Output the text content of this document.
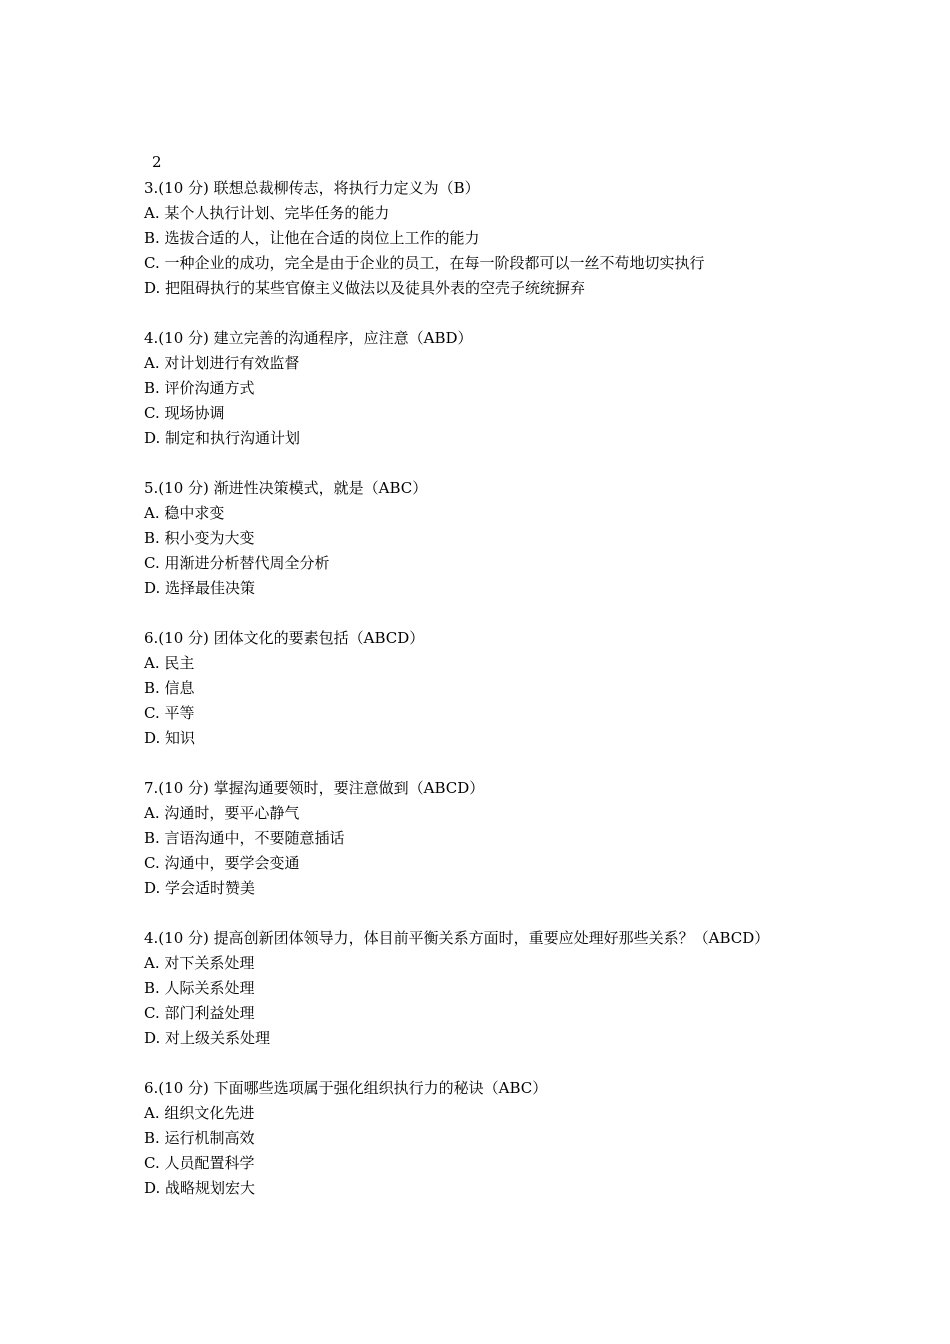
2
3.(10 分) 联想总裁柳传志，将执行力定义为（B）
A. 某个人执行计划、完毕任务的能力
B. 选拔合适的人，让他在合适的岗位上工作的能力
C. 一种企业的成功，完全是由于企业的员工，在每一阶段都可以一丝不苟地切实执行
D. 把阻碍执行的某些官僚主义做法以及徒具外表的空壳子统统摒弃
4.(10 分) 建立完善的沟通程序，应注意（ABD）
A. 对计划进行有效监督
B. 评价沟通方式
C. 现场协调
D. 制定和执行沟通计划
5.(10 分) 渐进性决策模式，就是（ABC）
A. 稳中求变
B. 积小变为大变
C. 用渐进分析替代周全分析
D. 选择最佳决策
6.(10 分) 团体文化的要素包括（ABCD）
A. 民主
B. 信息
C. 平等
D. 知识
7.(10 分) 掌握沟通要领时，要注意做到（ABCD）
A. 沟通时，要平心静气
B. 言语沟通中，不要随意插话
C. 沟通中，要学会变通
D. 学会适时赞美
4.(10 分) 提高创新团体领导力，体目前平衡关系方面时，重要应处理好那些关系？（ABCD）
A. 对下关系处理
B. 人际关系处理
C. 部门利益处理
D. 对上级关系处理
6.(10 分) 下面哪些选项属于强化组织执行力的秘诀（ABC）
A. 组织文化先进
B. 运行机制高效
C. 人员配置科学
D. 战略规划宏大
